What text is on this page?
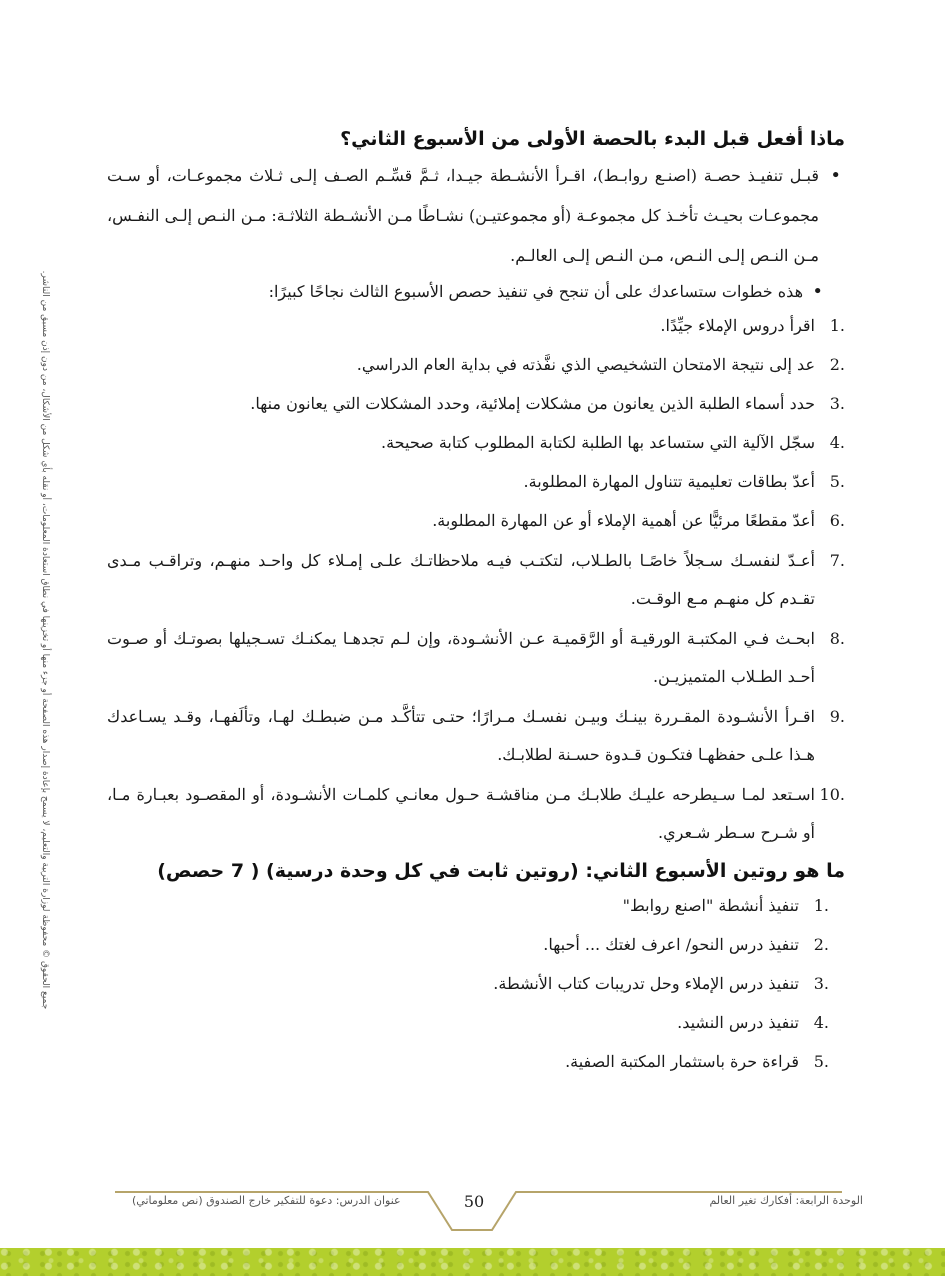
جميع الحقوق © محفوظة لوزارة التربية والتعليم، لا يسمح بإعادة إصدار هذه الصفحة أو جزء منها أو تخزينها في نطاق استعادة المعلومات، أو نقله بأي شكل من الأشكال، من دون إذن مسبق من الناشر.
ماذا أفعل قبل البدء بالحصة الأولى من الأسبوع الثاني؟
• قبـل تنفيـذ حصـة (اصنـع روابـط)، اقـرأ الأنشـطة جيـدا، ثـمَّ قسِّـم الصـف إلـى ثـلاث مجموعـات، أو سـت مجموعـات بحيـث تأخـذ كل مجموعـة (أو مجموعتيـن) نشـاطًا مـن الأنشـطة الثلاثـة: مـن النـص إلـى النفـس، مـن النـص إلـى النـص، مـن النـص إلـى العالـم.
• هذه خطوات ستساعدك على أن تنجح في تنفيذ حصص الأسبوع الثالث نجاحًا كبيرًا:
1.
اقرأ دروس الإملاء جيِّدًا.
2.
عد إلى نتيجة الامتحان التشخيصي الذي نفَّذته في بداية العام الدراسي.
3.
حدد أسماء الطلبة الذين يعانون من مشكلات إملائية، وحدد المشكلات التي يعانون منها.
4.
سجّل الآلية التي ستساعد بها الطلبة لكتابة المطلوب كتابة صحيحة.
5.
أعدّ بطاقات تعليمية تتناول المهارة المطلوبة.
6.
أعدّ مقطعًا مرئيًّا عن أهمية الإملاء أو عن المهارة المطلوبة.
7.
أعـدّ لنفسـك سـجلاً خاصًـا بالطـلاب، لتكتـب فيـه ملاحظاتـك علـى إمـلاء كل واحـد منهـم، وتراقـب مـدى تقـدم كل منهـم مـع الوقـت.
8.
ابحـث فـي المكتبـة الورقيـة أو الرَّقميـة عـن الأنشـودة، وإن لـم تجدهـا يمكنـك تسـجيلها بصوتـك أو صـوت أحـد الطـلاب المتميزيـن.
9.
اقـرأ الأنشـودة المقـررة بينـك وبيـن نفسـك مـرارًا؛ حتـى تتأكَّـد مـن ضبطـك لهـا، وتألَفهـا، وقـد يسـاعدك هـذا علـى حفظهـا فتكـون قـدوة حسـنة لطلابـك.
10.
اسـتعد لمـا سـيطرحه عليـك طلابـك مـن مناقشـة حـول معانـي كلمـات الأنشـودة، أو المقصـود بعبـارة مـا، أو شـرح سـطر شـعري.
ما هو روتين الأسبوع الثاني: (روتين ثابت في كل وحدة درسية) ( 7 حصص)
1.
تنفيذ أنشطة "اصنع روابط"
2.
تنفيذ درس النحو/ اعرف لغتك ... أحبها.
3.
تنفيذ درس الإملاء وحل تدريبات كتاب الأنشطة.
4.
تنفيذ درس النشيد.
5.
قراءة حرة باستثمار المكتبة الصفية.
الوحدة الرابعة: أفكارك تغير العالم
50
عنوان الدرس: دعوة للتفكير خارج الصندوق (نص معلوماتي)
